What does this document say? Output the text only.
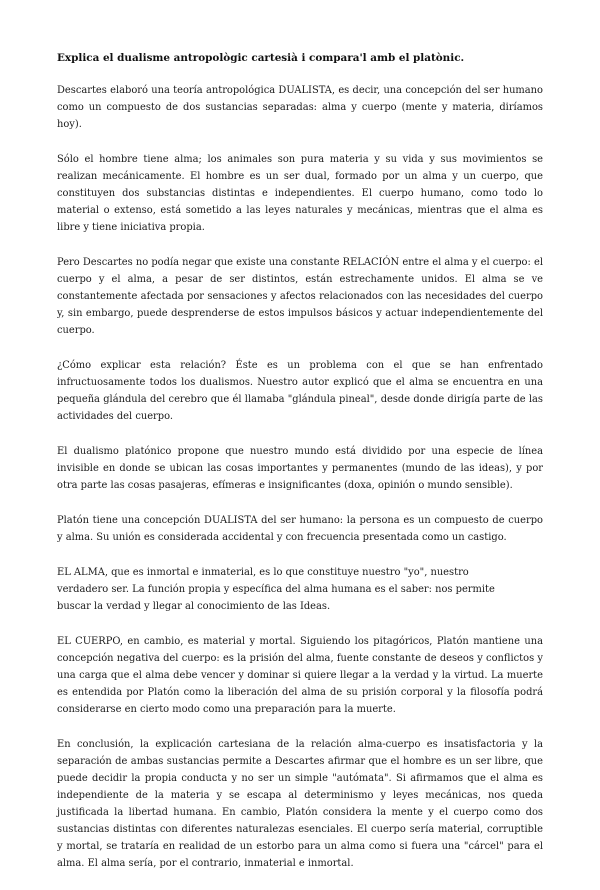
Explica el dualisme antropològic cartesià i compara'l amb el platònic.

Descartes elaboró una teoría antropológica DUALISTA, es decir, una concepción del ser humano como un compuesto de dos sustancias separadas: alma y cuerpo (mente y materia, diríamos hoy).

Sólo el hombre tiene alma; los animales son pura materia y su vida y sus movimientos se realizan mecánicamente. El hombre es un ser dual, formado por un alma y un cuerpo, que constituyen dos substancias distintas e independientes. El cuerpo humano, como todo lo material o extenso, está sometido a las leyes naturales y mecánicas, mientras que el alma es libre y tiene iniciativa propia.

Pero Descartes no podía negar que existe una constante RELACIÓN entre el alma y el cuerpo: el cuerpo y el alma, a pesar de ser distintos, están estrechamente unidos. El alma se ve constantemente afectada por sensaciones y afectos relacionados con las necesidades del cuerpo y, sin embargo, puede desprenderse de estos impulsos básicos y actuar independientemente del cuerpo.

¿Cómo explicar esta relación? Éste es un problema con el que se han enfrentado infructuosamente todos los dualismos. Nuestro autor explicó que el alma se encuentra en una pequeña glándula del cerebro que él llamaba "glándula pineal", desde donde dirigía parte de las actividades del cuerpo.

El dualismo platónico propone que nuestro mundo está dividido por una especie de línea invisible en donde se ubican las cosas importantes y permanentes (mundo de las ideas), y por otra parte las cosas pasajeras, efímeras e insignificantes (doxa, opinión o mundo sensible).

Platón tiene una concepción DUALISTA del ser humano: la persona es un compuesto de cuerpo y alma. Su unión es considerada accidental y con frecuencia presentada como un castigo.

EL ALMA, que es inmortal e inmaterial, es lo que constituye nuestro "yo", nuestro
verdadero ser. La función propia y específica del alma humana es el saber: nos permite
buscar la verdad y llegar al conocimiento de las Ideas.

EL CUERPO, en cambio, es material y mortal. Siguiendo los pitagóricos, Platón mantiene una concepción negativa del cuerpo: es la prisión del alma, fuente constante de deseos y conflictos y una carga que el alma debe vencer y dominar si quiere llegar a la verdad y la virtud. La muerte es entendida por Platón como la liberación del alma de su prisión corporal y la filosofía podrá considerarse en cierto modo como una preparación para la muerte.

En conclusión, la explicación cartesiana de la relación alma-cuerpo es insatisfactoria y la separación de ambas sustancias permite a Descartes afirmar que el hombre es un ser libre, que puede decidir la propia conducta y no ser un simple "autómata". Si afirmamos que el alma es independiente de la materia y se escapa al determinismo y leyes mecánicas, nos queda justificada la libertad humana. En cambio, Platón considera la mente y el cuerpo como dos sustancias distintas con diferentes naturalezas esenciales. El cuerpo sería material, corruptible y mortal, se trataría en realidad de un estorbo para un alma como si fuera una "cárcel" para el alma. El alma sería, por el contrario, inmaterial e inmortal.
